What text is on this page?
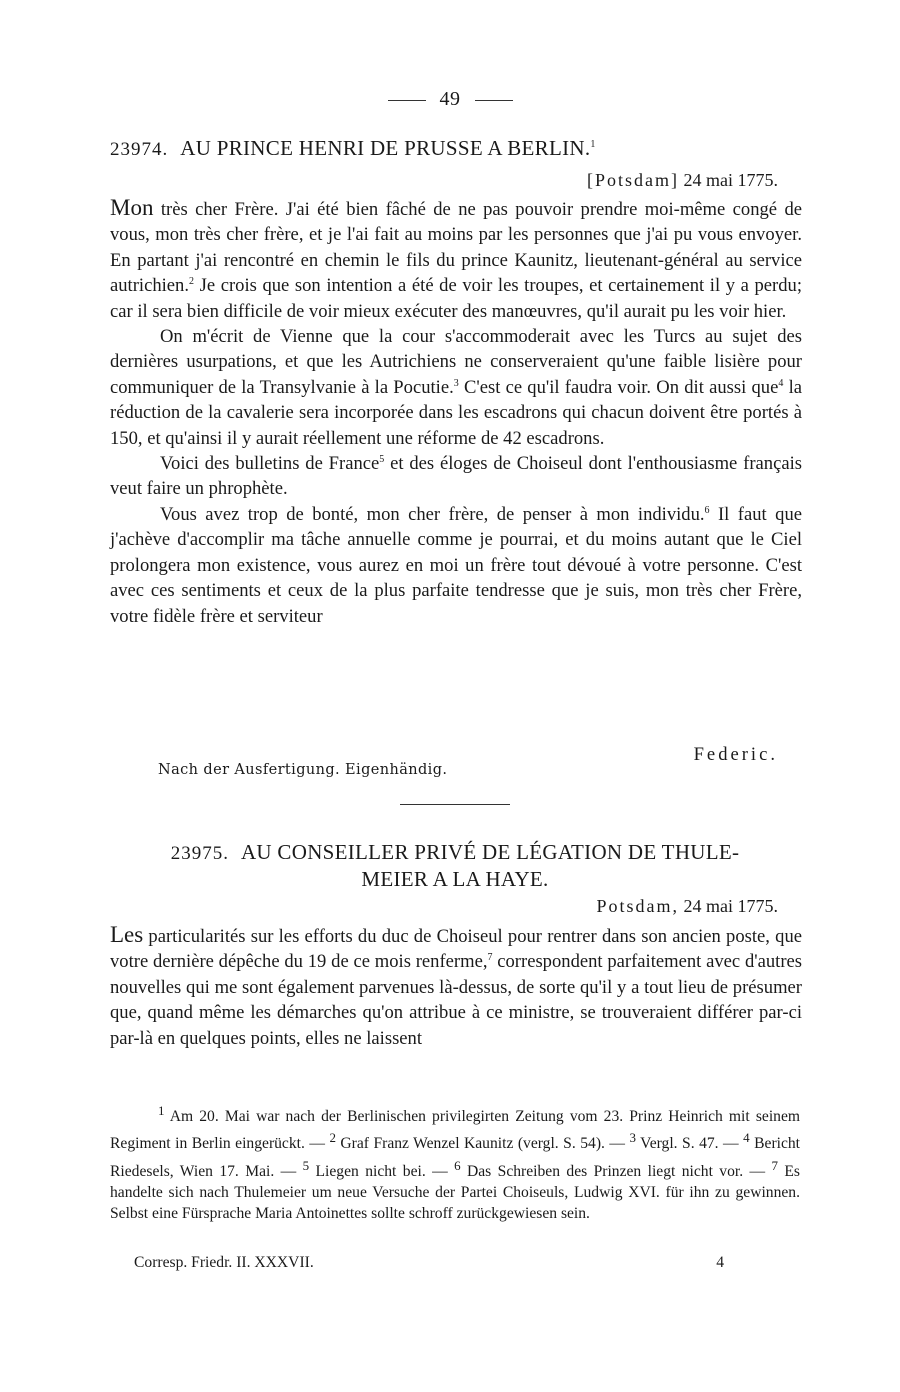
49
23974. AU PRINCE HENRI DE PRUSSE A BERLIN.$^1$
[Potsdam] 24 mai 1775.

Mon très cher Frère. J'ai été bien fâché de ne pas pouvoir prendre moi-même congé de vous, mon très cher frère, et je l'ai fait au moins par les personnes que j'ai pu vous envoyer. En partant j'ai rencontré en chemin le fils du prince Kaunitz, lieutenant-général au service autrichien.$^2$ Je crois que son intention a été de voir les troupes, et certainement il y a perdu; car il sera bien difficile de voir mieux exécuter des manœuvres, qu'il aurait pu les voir hier.

On m'écrit de Vienne que la cour s'accommoderait avec les Turcs au sujet des dernières usurpations, et que les Autrichiens ne conserveraient qu'une faible lisière pour communiquer de la Transylvanie à la Pocutie.$^3$ C'est ce qu'il faudra voir. On dit aussi que$^4$ la réduction de la cavalerie sera incorporée dans les escadrons qui chacun doivent être portés à 150, et qu'ainsi il y aurait réellement une réforme de 42 escadrons.

Voici des bulletins de France$^5$ et des éloges de Choiseul dont l'enthousiasme français veut faire un phrophète.

Vous avez trop de bonté, mon cher frère, de penser à mon individu.$^6$ Il faut que j'achève d'accomplir ma tâche annuelle comme je pourrai, et du moins autant que le Ciel prolongera mon existence, vous aurez en moi un frère tout dévoué à votre personne. C'est avec ces sentiments et ceux de la plus parfaite tendresse que je suis, mon très cher Frère, votre fidèle frère et serviteur

Federic.
Nach der Ausfertigung. Eigenhändig.
23975. AU CONSEILLER PRIVÉ DE LÉGATION DE THULE-
MEIER A LA HAYE.
Potsdam, 24 mai 1775.

Les particularités sur les efforts du duc de Choiseul pour rentrer dans son ancien poste, que votre dernière dépêche du 19 de ce mois renferme,$^7$ correspondent parfaitement avec d'autres nouvelles qui me sont également parvenues là-dessus, de sorte qu'il y a tout lieu de présumer que, quand même les démarches qu'on attribue à ce ministre, se trouveraient différer par-ci par-là en quelques points, elles ne laissent

$^1$ Am 20. Mai war nach der Berlinischen privilegirten Zeitung vom 23. Prinz Heinrich mit seinem Regiment in Berlin eingerückt. — $^2$ Graf Franz Wenzel Kaunitz (vergl. S. 54). — $^3$ Vergl. S. 47. — $^4$ Bericht Riedesels, Wien 17. Mai. — $^5$ Liegen nicht bei. — $^6$ Das Schreiben des Prinzen liegt nicht vor. — $^7$ Es handelte sich nach Thulemeier um neue Versuche der Partei Choiseuls, Ludwig XVI. für ihn zu gewinnen. Selbst eine Fürsprache Maria Antoinettes sollte schroff zurückgewiesen sein.

Corresp. Friedr. II. XXXVII.	4
